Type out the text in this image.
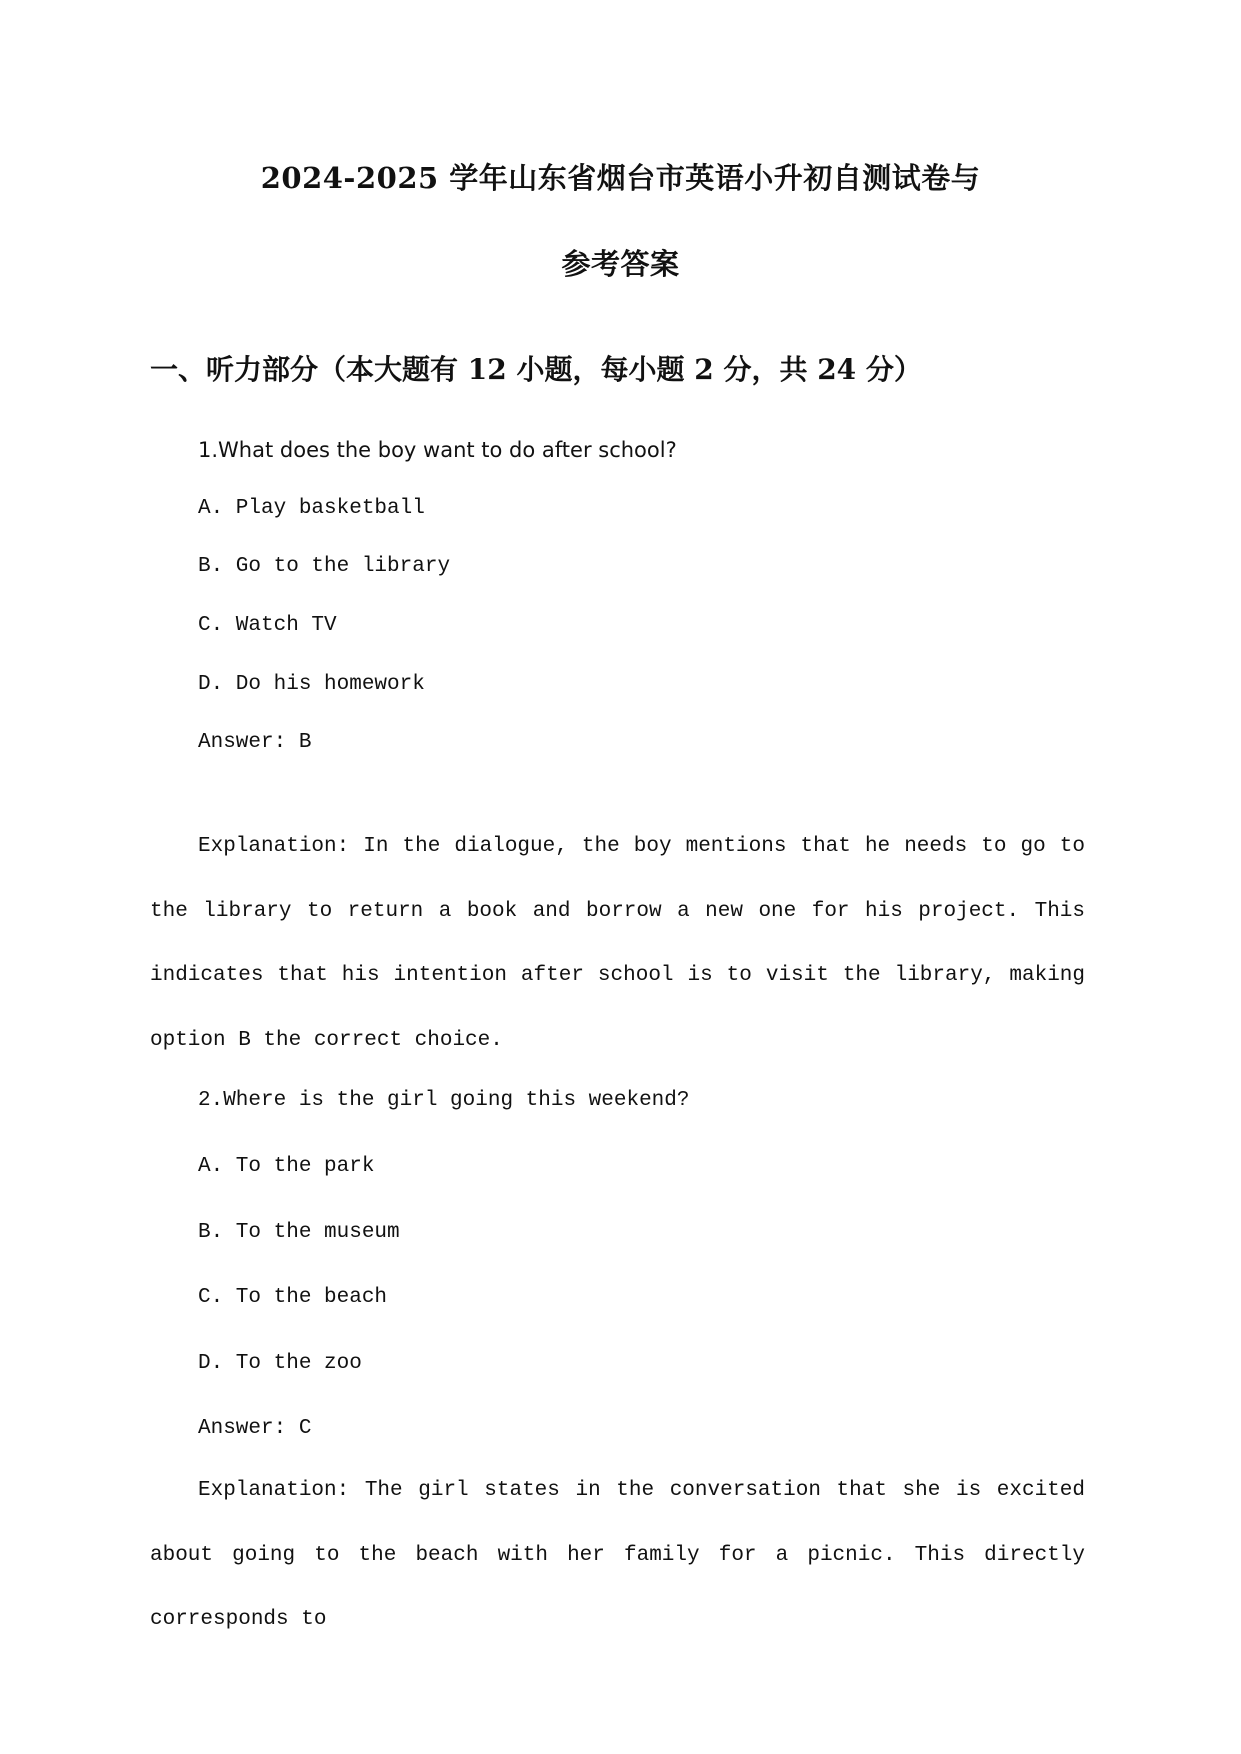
2024-2025 学年山东省烟台市英语小升初自测试卷与
参考答案
一、听力部分（本大题有 12 小题，每小题 2 分，共 24 分）
1.What does the boy want to do after school?
A. Play basketball
B. Go to the library
C. Watch TV
D. Do his homework
Answer: B

Explanation: In the dialogue, the boy mentions that he needs to go to the library to return a book and borrow a new one for his project. This indicates that his intention after school is to visit the library, making option B the correct choice.

2.Where is the girl going this weekend?
A. To the park
B. To the museum
C. To the beach
D. To the zoo
Answer: C

Explanation: The girl states in the conversation that she is excited about going to the beach with her family for a picnic. This directly corresponds to
